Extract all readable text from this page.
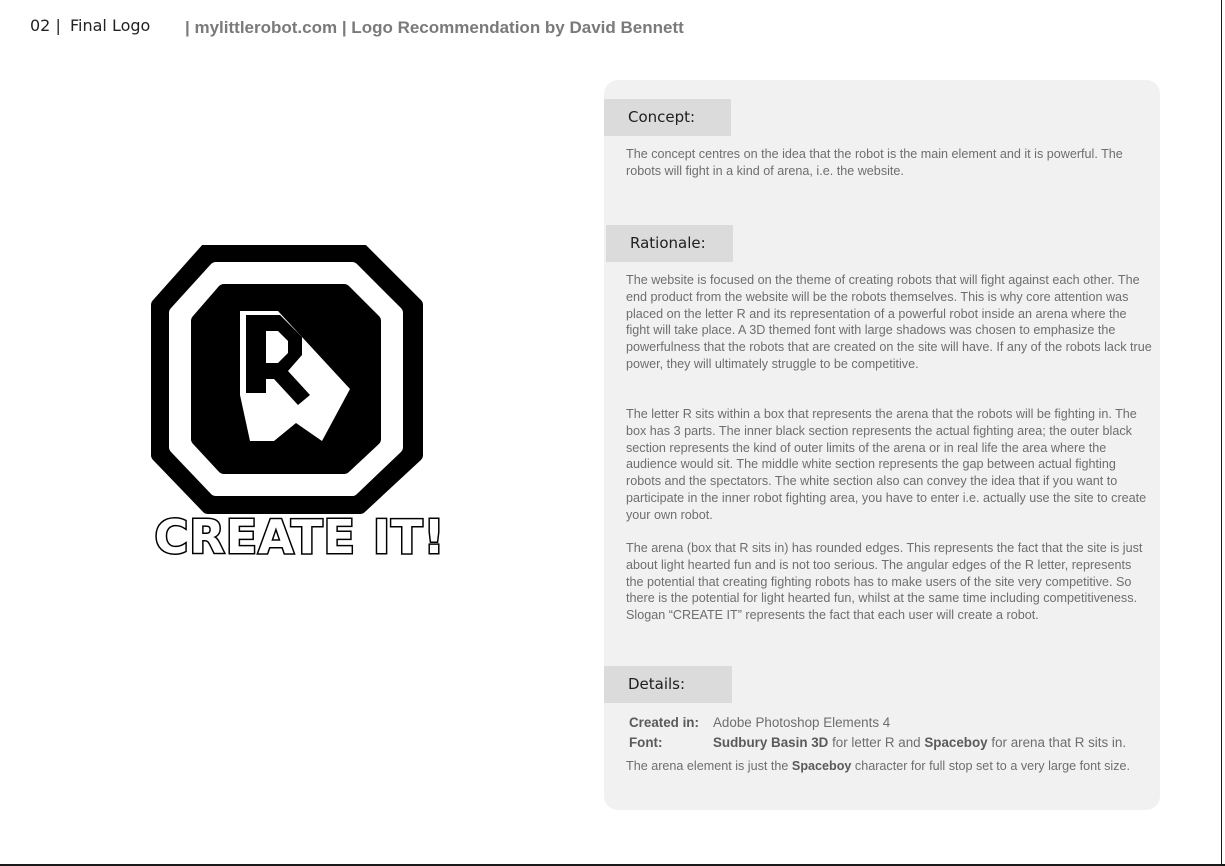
02 | Final Logo | mylittlerobot.com | Logo Recommendation by David Bennett
CREATE IT!
Concept:

The concept centres on the idea that the robot is the main element and it is powerful. The robots will fight in a kind of arena, i.e. the website.

Rationale:

The website is focused on the theme of creating robots that will fight against each other. The end product from the website will be the robots themselves. This is why core attention was placed on the letter R and its representation of a powerful robot inside an arena where the fight will take place. A 3D themed font with large shadows was chosen to emphasize the powerfulness that the robots that are created on the site will have. If any of the robots lack true power, they will ultimately struggle to be competitive.

The letter R sits within a box that represents the arena that the robots will be fighting in. The box has 3 parts. The inner black section represents the actual fighting area; the outer black section represents the kind of outer limits of the arena or in real life the area where the audience would sit. The middle white section represents the gap between actual fighting robots and the spectators. The white section also can convey the idea that if you want to participate in the inner robot fighting area, you have to enter i.e. actually use the site to create your own robot.

The arena (box that R sits in) has rounded edges. This represents the fact that the site is just about light hearted fun and is not too serious. The angular edges of the R letter, represents the potential that creating fighting robots has to make users of the site very competitive. So there is the potential for light hearted fun, whilst at the same time including competitiveness. Slogan “CREATE IT” represents the fact that each user will create a robot.

Details:
Created in: Adobe Photoshop Elements 4
Font:	Sudbury Basin 3D for letter R and Spaceboy for arena that R sits in.

The arena element is just the Spaceboy character for full stop set to a very large font size.
